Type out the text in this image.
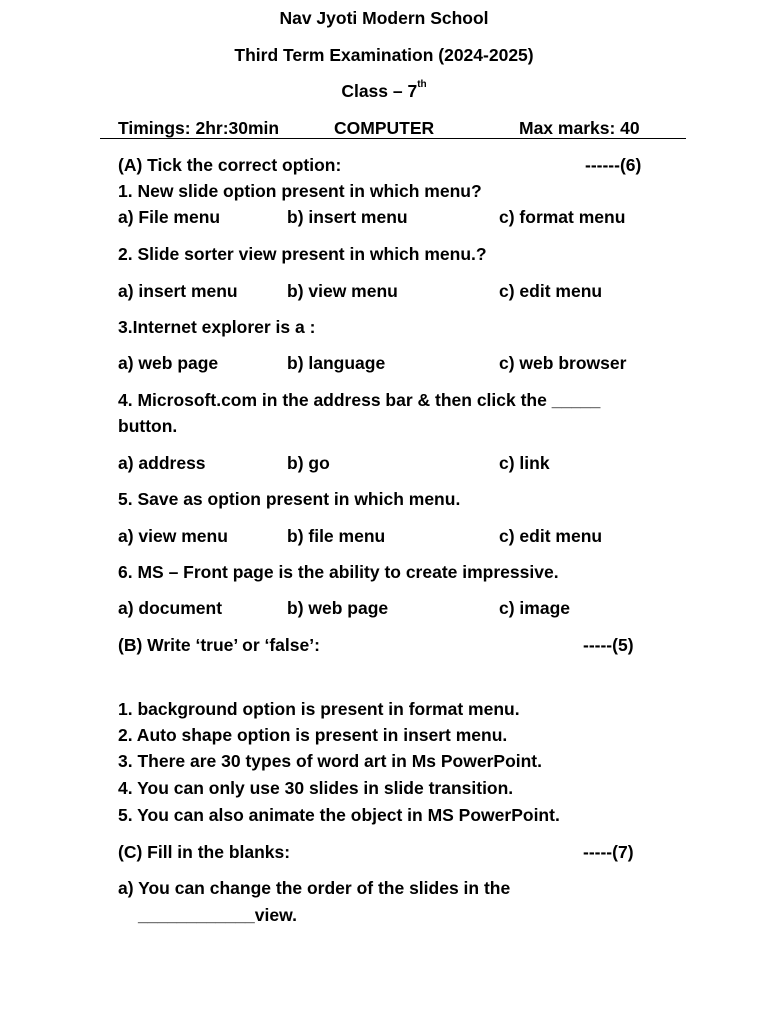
Nav Jyoti Modern School
Third Term Examination (2024-2025)
Class – 7th
Timings: 2hr:30min	COMPUTER	Max marks: 40
(A) Tick the correct option:	------(6)
1. New slide option present in which menu?
a) File menu	b) insert menu	c) format menu
2. Slide sorter view present in which menu.?
a) insert menu	b) view menu	c) edit menu
3.Internet explorer is a :
a) web page	b) language	c) web browser
4. Microsoft.com in the address bar & then click the _____
button.
a) address	b) go	c) link
5. Save as option present in which menu.
a) view menu	b) file menu	c) edit menu
6. MS – Front page is the ability to create impressive.
a) document	b) web page	c) image
(B) Write ‘true’ or ‘false’:	-----(5)
1. background option is present in format menu.
2. Auto shape option is present in insert menu.
3. There are 30 types of word art in Ms PowerPoint.
4. You can only use 30 slides in slide transition.
5. You can also animate the object in MS PowerPoint.
(C) Fill in the blanks:	-----(7)
a) You can change the order of the slides in the
____________view.
